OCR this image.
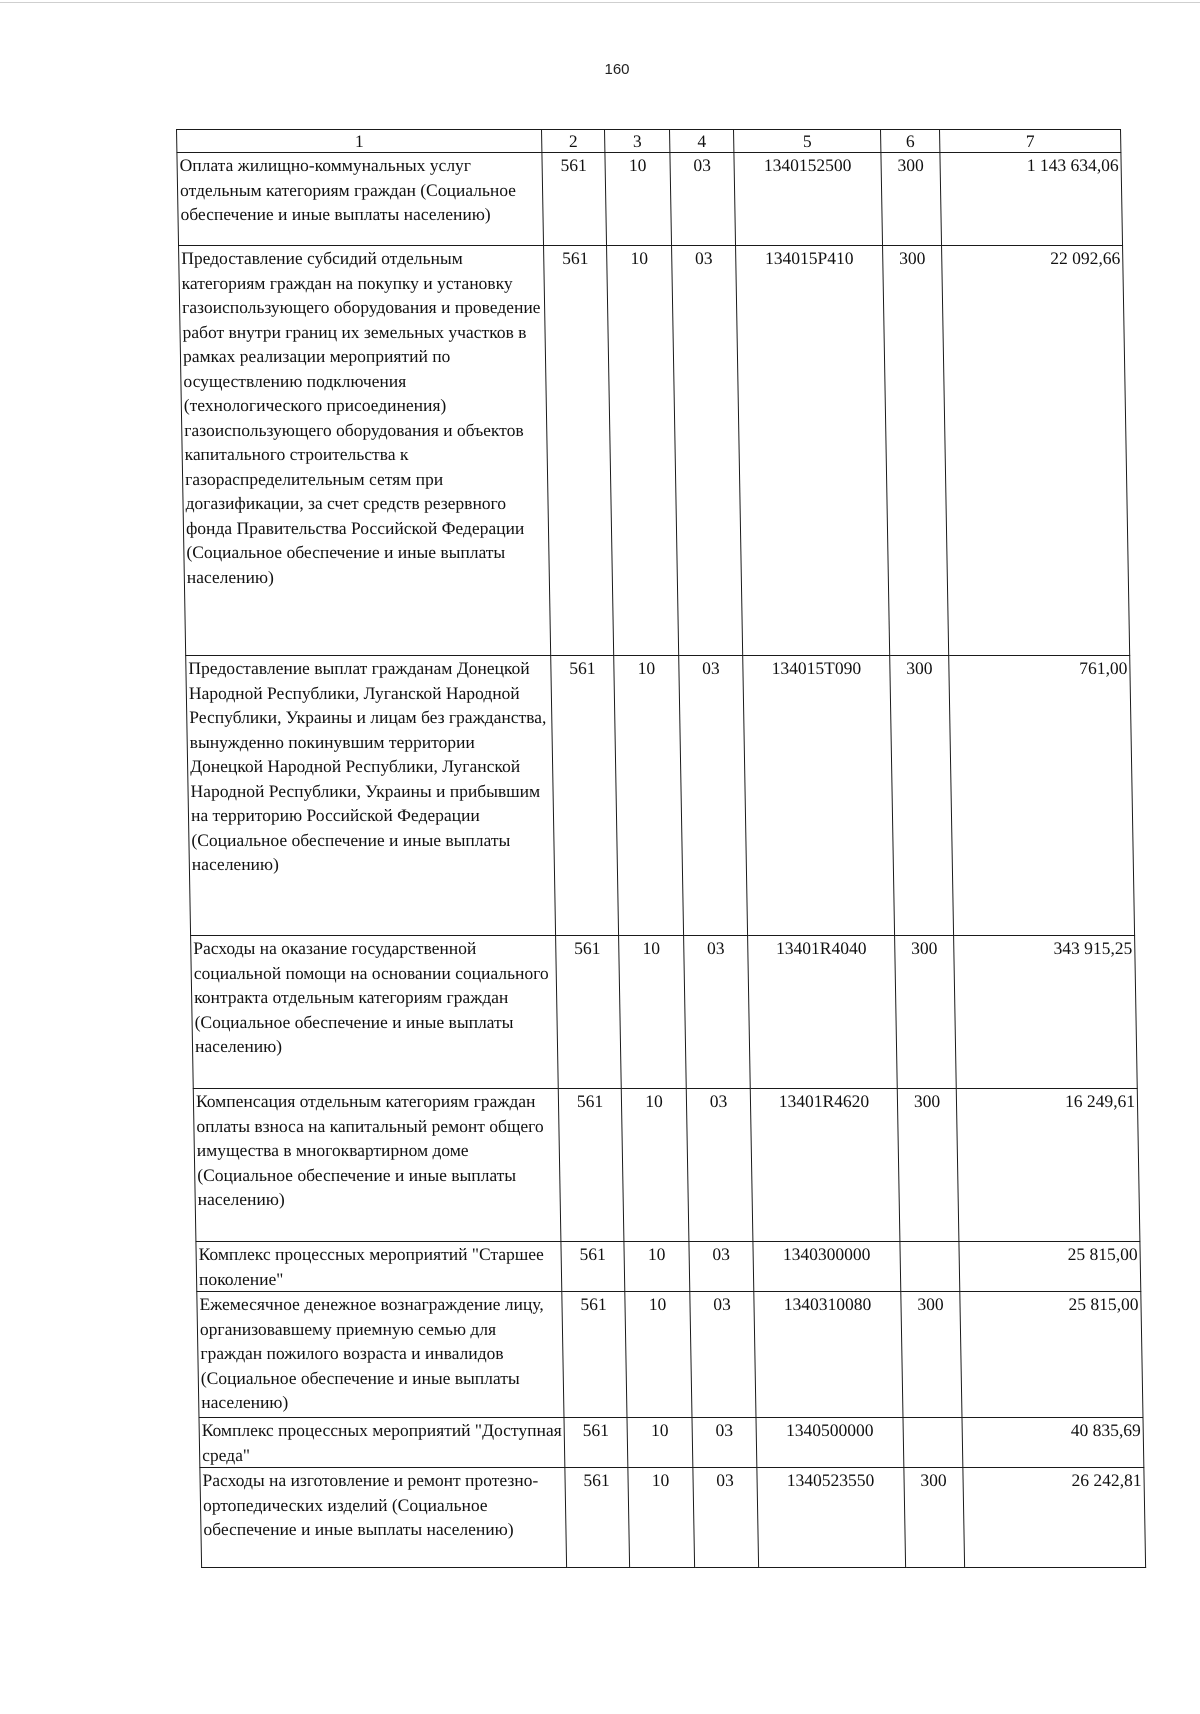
160
1	2	3	4	5	6	7
Оплата жилищно-коммунальных услуг отдельным категориям граждан (Социальное обеспечение и иные выплаты населению)	561	10	03	1340152500	300	1 143 634,06
Предоставление субсидий отдельным категориям граждан на покупку и установку газоиспользующего оборудования и проведение работ внутри границ их земельных участков в рамках реализации мероприятий по осуществлению подключения (технологического присоединения) газоиспользующего оборудования и объектов капитального строительства к газораспределительным сетям при догазификации, за счет средств резервного фонда Правительства Российской Федерации (Социальное обеспечение и иные выплаты населению)	561	10	03	134015P410	300	22 092,66
Предоставление выплат гражданам Донецкой Народной Республики, Луганской Народной Республики, Украины и лицам без гражданства, вынужденно покинувшим территории Донецкой Народной Республики, Луганской Народной Республики, Украины и прибывшим на территорию Российской Федерации (Социальное обеспечение и иные выплаты населению)	561	10	03	134015T090	300	761,00
Расходы на оказание государственной социальной помощи на основании социального контракта отдельным категориям граждан (Социальное обеспечение и иные выплаты населению)	561	10	03	13401R4040	300	343 915,25
Компенсация отдельным категориям граждан оплаты взноса на капитальный ремонт общего имущества в многоквартирном доме (Социальное обеспечение и иные выплаты населению)	561	10	03	13401R4620	300	16 249,61
Комплекс процессных мероприятий "Старшее поколение"	561	10	03	1340300000		25 815,00
Ежемесячное денежное вознаграждение лицу, организовавшему приемную семью для граждан пожилого возраста и инвалидов (Социальное обеспечение и иные выплаты населению)	561	10	03	1340310080	300	25 815,00
Комплекс процессных мероприятий "Доступная среда"	561	10	03	1340500000		40 835,69
Расходы на изготовление и ремонт протезно-ортопедических изделий (Социальное обеспечение и иные выплаты населению)	561	10	03	1340523550	300	26 242,81
